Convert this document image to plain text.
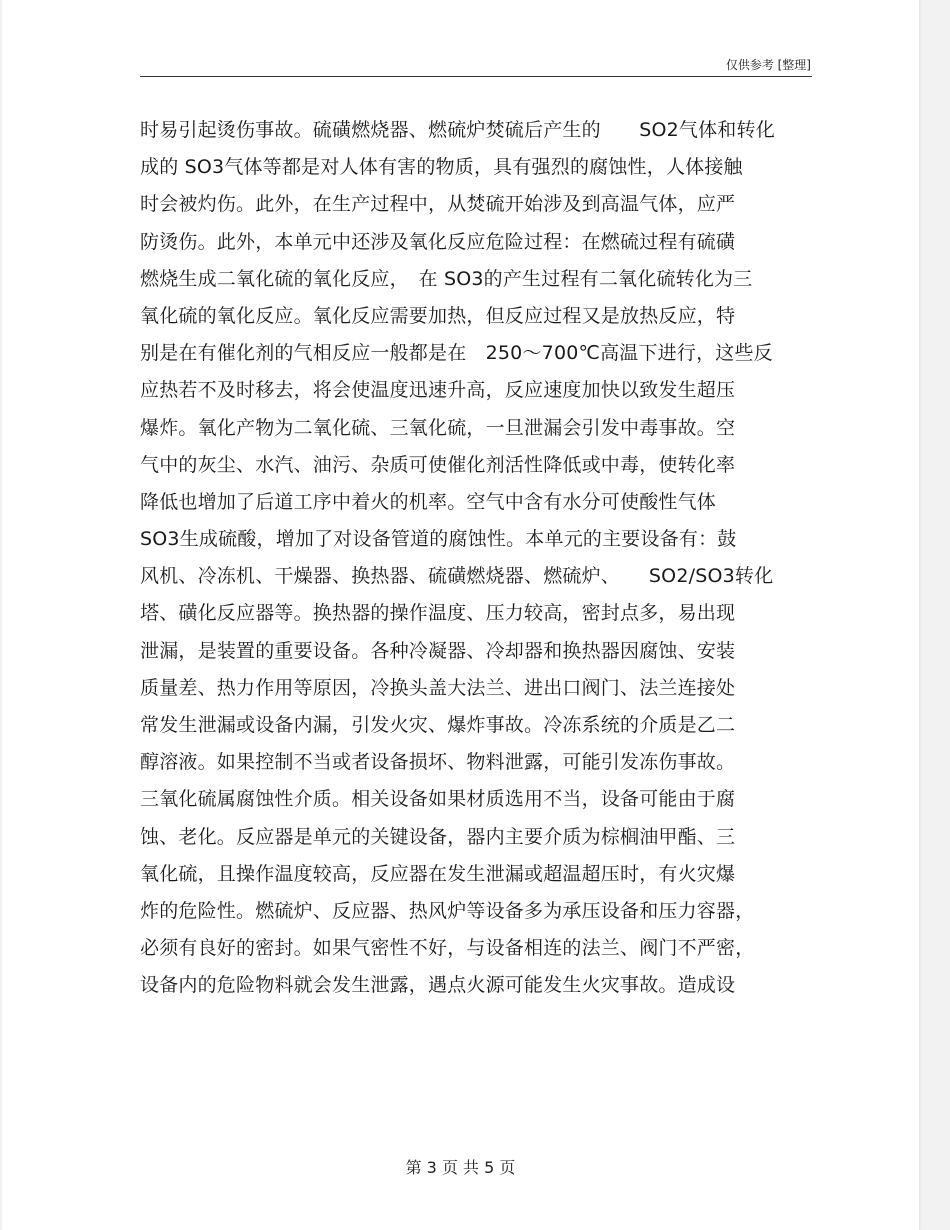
仅供参考 [整理]
时易引起烫伤事故。硫磺燃烧器、燃硫炉焚硫后产生的　　SO2气体和转化
成的 SO3气体等都是对人体有害的物质，具有强烈的腐蚀性，人体接触
时会被灼伤。此外，在生产过程中，从焚硫开始涉及到高温气体，应严
防烫伤。此外，本单元中还涉及氧化反应危险过程：在燃硫过程有硫磺
燃烧生成二氧化硫的氧化反应，　在 SO3的产生过程有二氧化硫转化为三
氧化硫的氧化反应。氧化反应需要加热，但反应过程又是放热反应，特
别是在有催化剂的气相反应一般都是在　250～700℃高温下进行，这些反
应热若不及时移去，将会使温度迅速升高，反应速度加快以致发生超压
爆炸。氧化产物为二氧化硫、三氧化硫，一旦泄漏会引发中毒事故。空
气中的灰尘、水汽、油污、杂质可使催化剂活性降低或中毒，使转化率
降低也增加了后道工序中着火的机率。空气中含有水分可使酸性气体
SO3生成硫酸，增加了对设备管道的腐蚀性。本单元的主要设备有：鼓
风机、冷冻机、干燥器、换热器、硫磺燃烧器、燃硫炉、　　SO2/SO3转化
塔、磺化反应器等。换热器的操作温度、压力较高，密封点多，易出现
泄漏，是装置的重要设备。各种冷凝器、冷却器和换热器因腐蚀、安装
质量差、热力作用等原因，冷换头盖大法兰、进出口阀门、法兰连接处
常发生泄漏或设备内漏，引发火灾、爆炸事故。冷冻系统的介质是乙二
醇溶液。如果控制不当或者设备损坏、物料泄露，可能引发冻伤事故。
三氧化硫属腐蚀性介质。相关设备如果材质选用不当，设备可能由于腐
蚀、老化。反应器是单元的关键设备，器内主要介质为棕榈油甲酯、三
氧化硫，且操作温度较高，反应器在发生泄漏或超温超压时，有火灾爆
炸的危险性。燃硫炉、反应器、热风炉等设备多为承压设备和压力容器，
必须有良好的密封。如果气密性不好，与设备相连的法兰、阀门不严密，
设备内的危险物料就会发生泄露，遇点火源可能发生火灾事故。造成设
第 3 页 共 5 页
